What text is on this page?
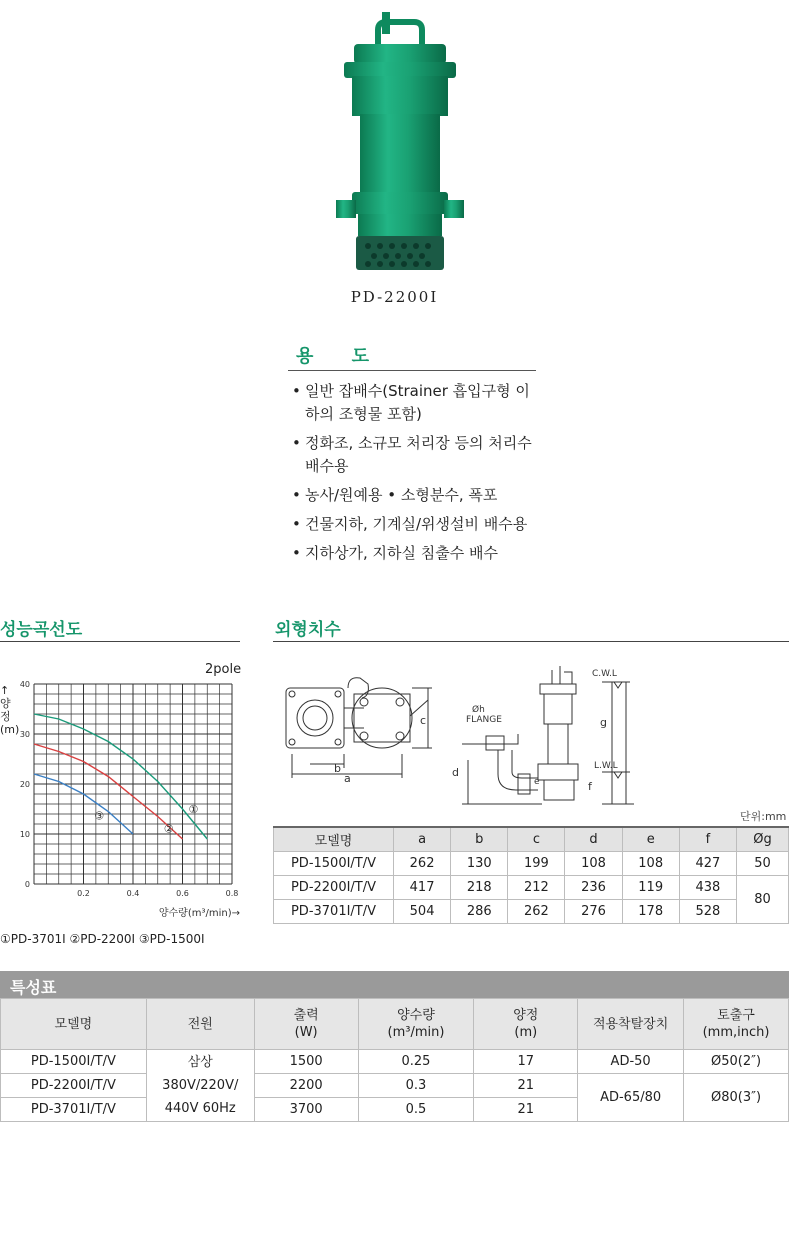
PD-2200I
용 도
• 일반 잡배수(Strainer 흡입구형 이하의 조형물 포함)
• 정화조, 소규모 처리장 등의 처리수 배수용
• 농사/원예용 • 소형분수, 폭포
• 건물지하, 기계실/위생설비 배수용
• 지하상가, 지하실 침출수 배수
성능곡선도
2pole
↑ 양정 (m)
0
10
20
30
40
0.2	0.4	0.6	0.8
양수량(m³/min)→
①
②
③
①PD-3701Ⅰ ②PD-2200Ⅰ ③PD-1500Ⅰ
외형치수
b
a
c
d
g
f
C.W.L
L.W.L
Øh
FLANGE
e
단위:mm
모델명	a	b	c	d	e	f	Øg
PD-1500Ⅰ/T/V	262	130	199	108	108	427	50
PD-2200Ⅰ/T/V	417	218	212	236	119	438	80
PD-3701Ⅰ/T/V	504	286	262	276	178	528	
특성표
모델명	전원	출력
(W)	양수량
(m³/min)	양정
(m)	적용착탈장치	토출구
(mm,inch)
PD-1500Ⅰ/T/V	삼상
380V/220V/
440V 60Hz	1500	0.25	17	AD-50	Ø50(2″)
PD-2200Ⅰ/T/V		2200	0.3	21	AD-65/80	Ø80(3″)
PD-3701Ⅰ/T/V		3700	0.5	21		
